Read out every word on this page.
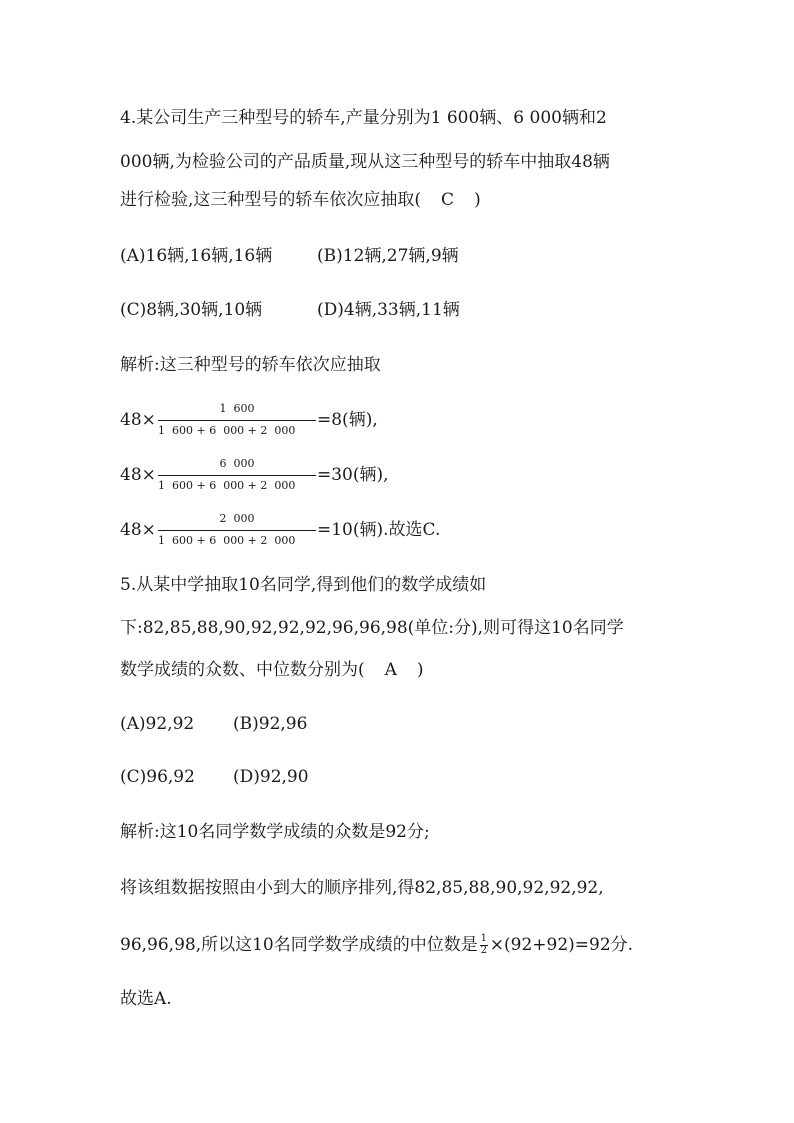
4.某公司生产三种型号的轿车,产量分别为1 600辆、6 000辆和2
000辆,为检验公司的产品质量,现从这三种型号的轿车中抽取48辆
进行检验,这三种型号的轿车依次应抽取( C )
(A)16辆,16辆,16辆	(B)12辆,27辆,9辆
(C)8辆,30辆,10辆	(D)4辆,33辆,11辆
解析:这三种型号的轿车依次应抽取
48×
1  600
1  600 + 6  000 + 2  000
=8(辆),
48×
6  000
1  600 + 6  000 + 2  000
=30(辆),
48×
2  000
1  600 + 6  000 + 2  000
=10(辆).故选C.
5.从某中学抽取10名同学,得到他们的数学成绩如
下:82,85,88,90,92,92,92,96,96,98(单位:分),则可得这10名同学
数学成绩的众数、中位数分别为( A )
(A)92,92 (B)92,96
(C)96,92 (D)92,90
解析:这10名同学数学成绩的众数是92分;
将该组数据按照由小到大的顺序排列,得82,85,88,90,92,92,92,
96,96,98,所以这10名同学数学成绩的中位数是 $\frac{1}{2} \times(92+92)=92$分.
故选A.
